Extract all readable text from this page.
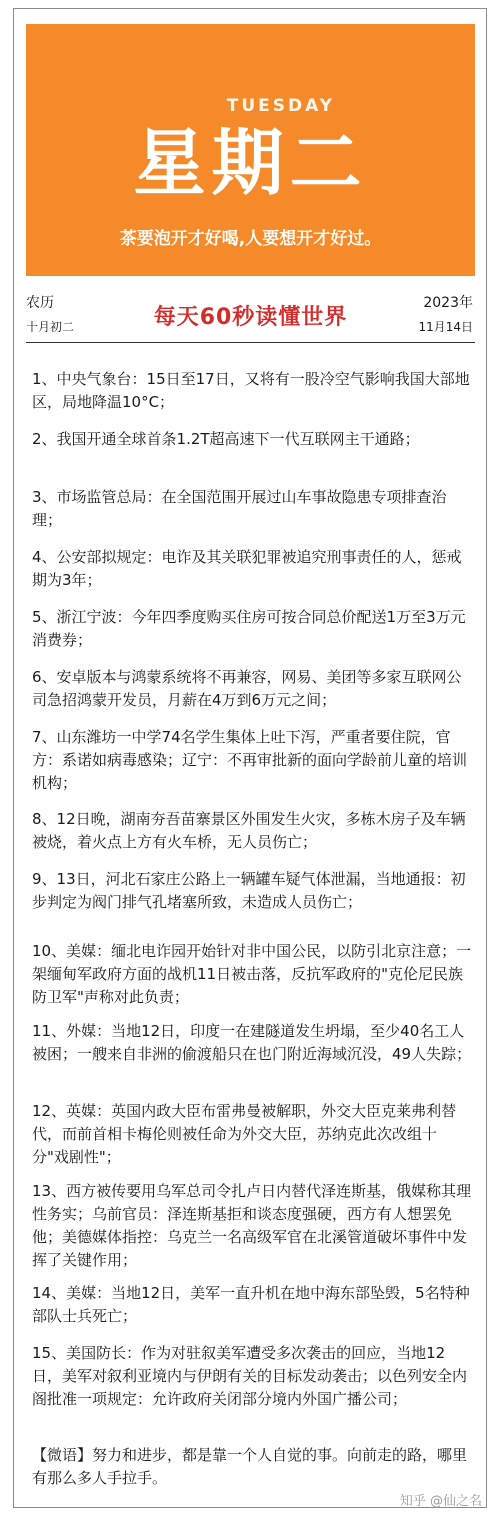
TUESDAY
星期二
茶要泡开才好喝,人要想开才好过。
农历
十月初二	每天60秒读懂世界
2023年
11月14日

1、中央气象台：15日至17日，又将有一股冷空气影响我国大部地区，局地降温10°C；

2、我国开通全球首条1.2T超高速下一代互联网主干通路；

3、市场监管总局：在全国范围开展过山车事故隐患专项排查治理；

4、公安部拟规定：电诈及其关联犯罪被追究刑事责任的人，惩戒期为3年；

5、浙江宁波：今年四季度购买住房可按合同总价配送1万至3万元消费券；

6、安卓版本与鸿蒙系统将不再兼容，网易、美团等多家互联网公司急招鸿蒙开发员，月薪在4万到6万元之间；

7、山东潍坊一中学74名学生集体上吐下泻，严重者要住院，官方：系诺如病毒感染；辽宁：不再审批新的面向学龄前儿童的培训机构；

8、12日晚，湖南夯吾苗寨景区外围发生火灾，多栋木房子及车辆被烧，着火点上方有火车桥，无人员伤亡；

9、13日，河北石家庄公路上一辆罐车疑气体泄漏，当地通报：初步判定为阀门排气孔堵塞所致，未造成人员伤亡；

10、美媒：缅北电诈园开始针对非中国公民，以防引北京注意；一架缅甸军政府方面的战机11日被击落，反抗军政府的"克伦尼民族防卫军"声称对此负责；

11、外媒：当地12日，印度一在建隧道发生坍塌，至少40名工人被困；一艘来自非洲的偷渡船只在也门附近海域沉没，49人失踪；

12、英媒：英国内政大臣布雷弗曼被解职，外交大臣克莱弗利替代，而前首相卡梅伦则被任命为外交大臣，苏纳克此次改组十分"戏剧性"；

13、西方被传要用乌军总司令扎卢日内替代泽连斯基，俄媒称其理性务实；乌前官员：泽连斯基拒和谈态度强硬，西方有人想罢免他；美德媒体指控：乌克兰一名高级军官在北溪管道破坏事件中发挥了关键作用；

14、美媒：当地12日，美军一直升机在地中海东部坠毁，5名特种部队士兵死亡；

15、美国防长：作为对驻叙美军遭受多次袭击的回应，当地12日，美军对叙利亚境内与伊朗有关的目标发动袭击；以色列安全内阁批准一项规定：允许政府关闭部分境内外国广播公司；

【微语】努力和进步，都是靠一个人自觉的事。向前走的路，哪里有那么多人手拉手。

知乎 @仙之名
